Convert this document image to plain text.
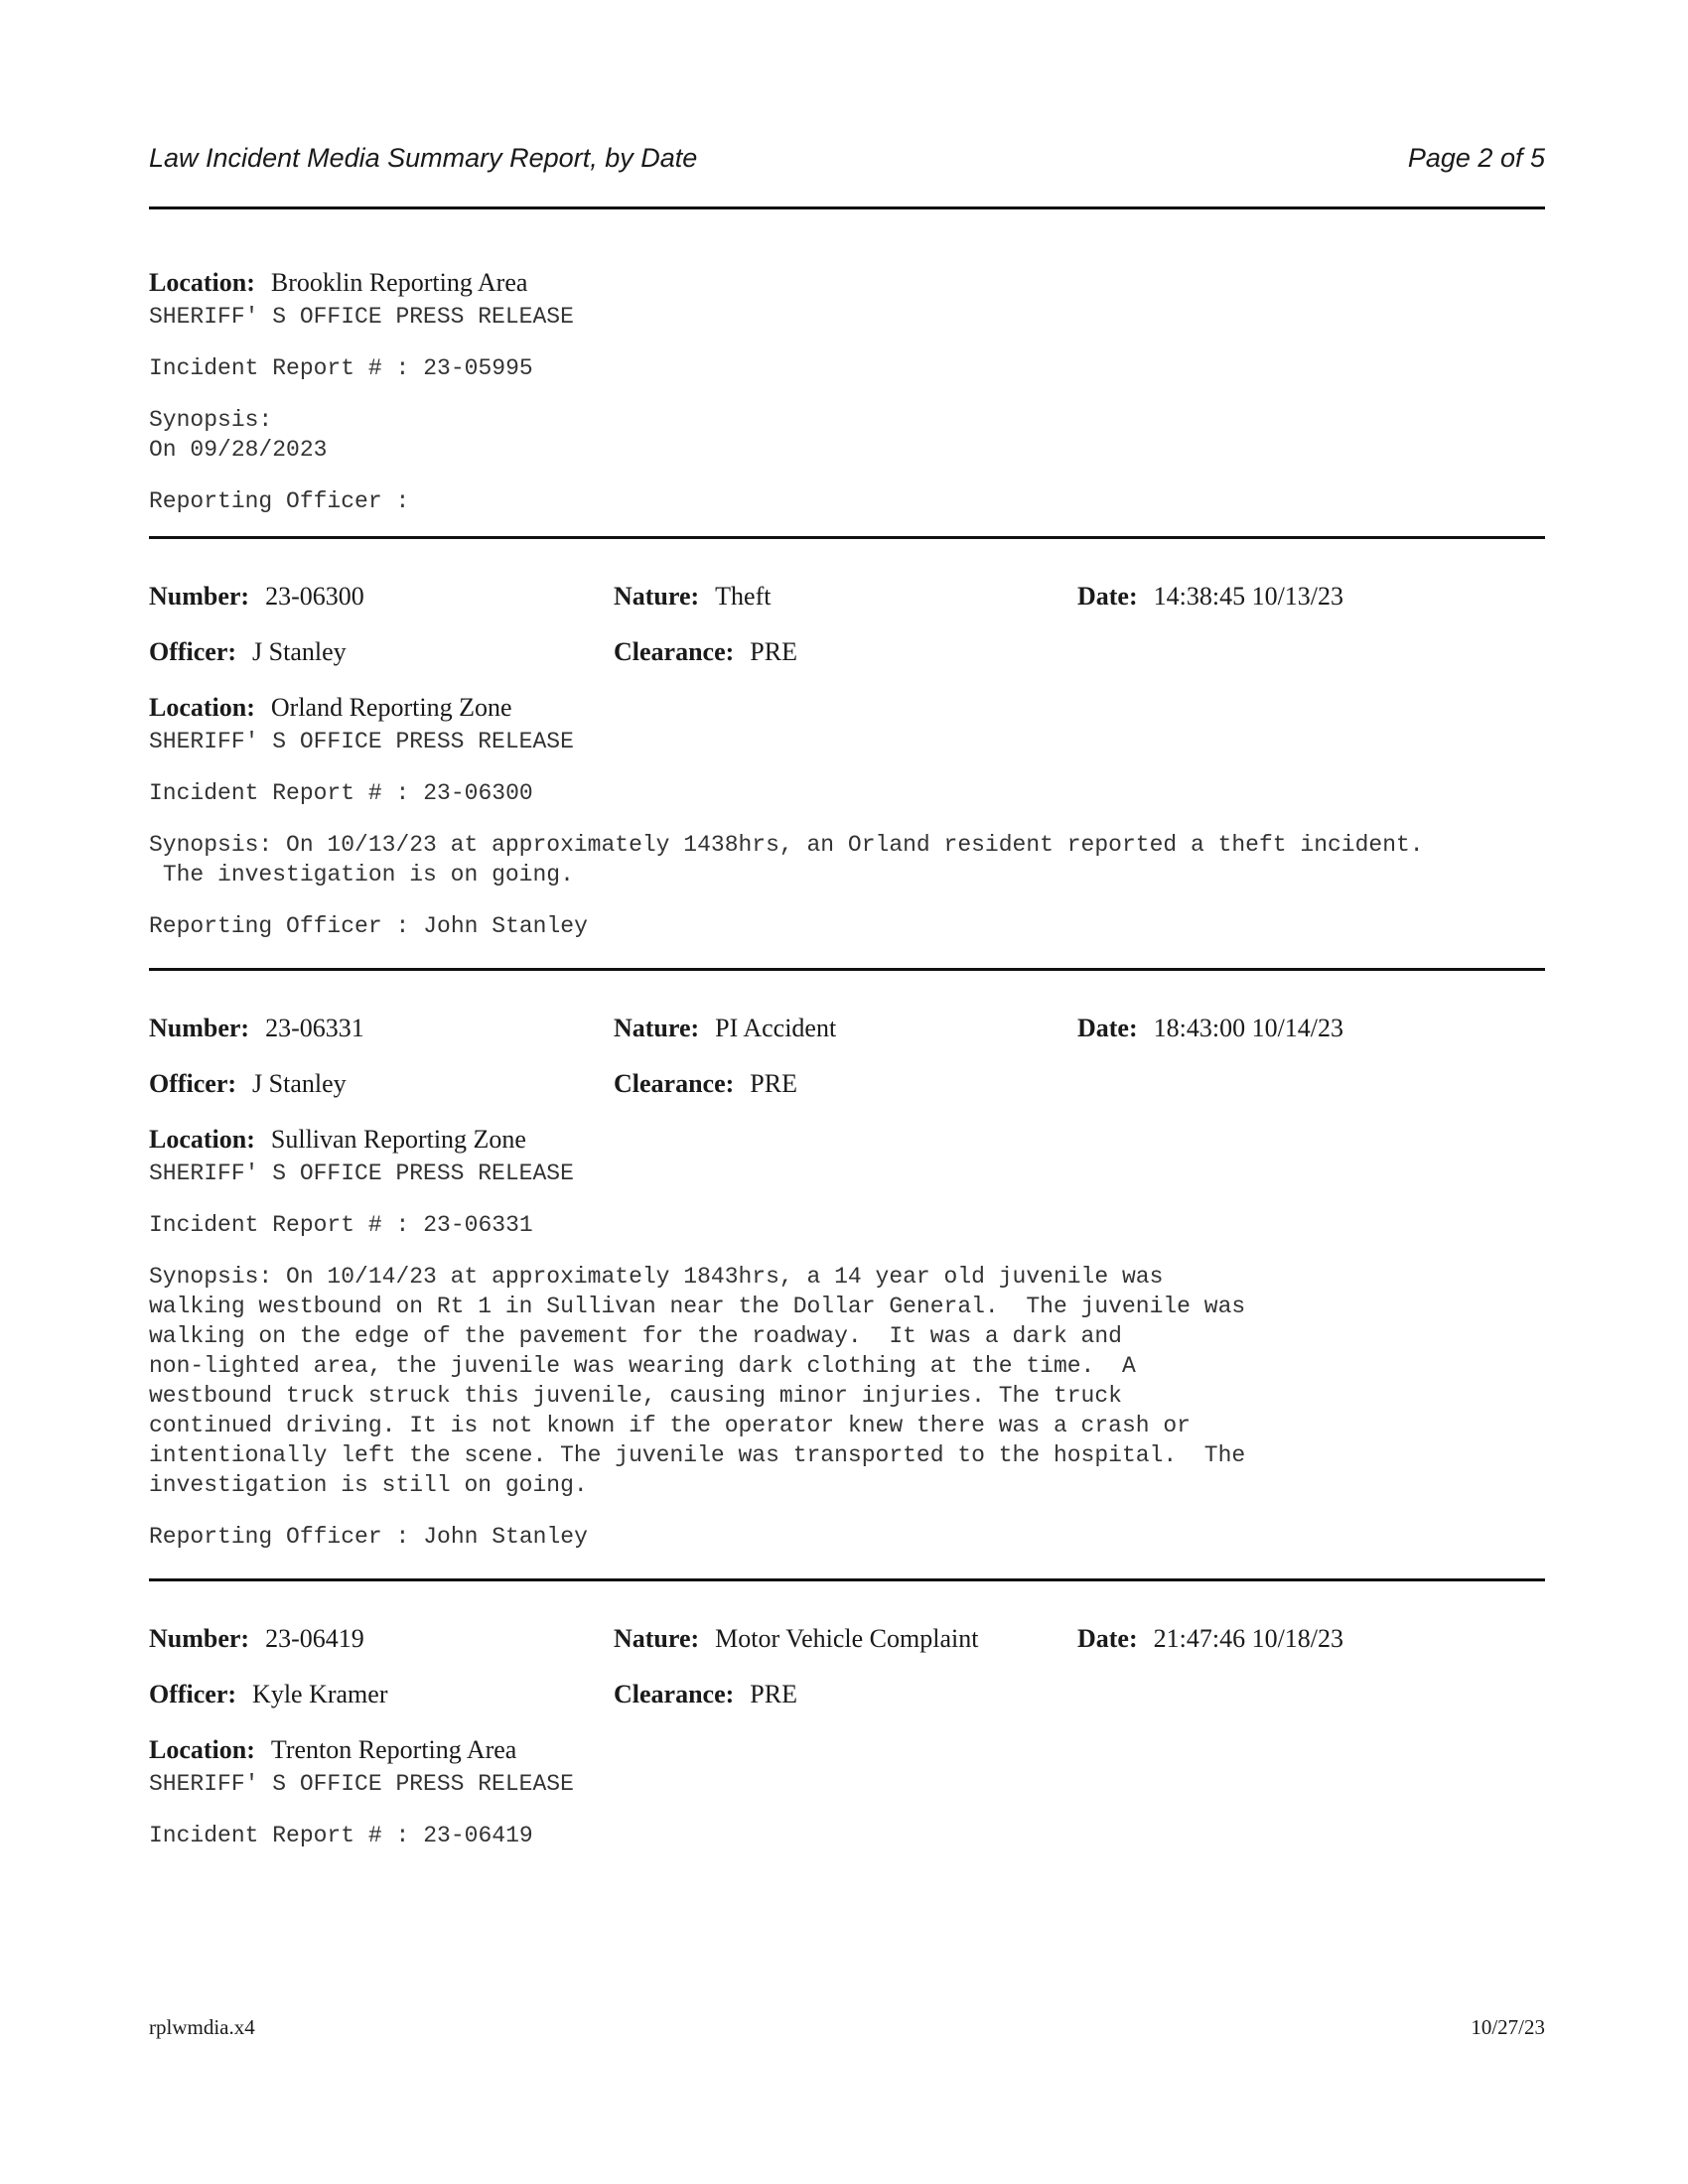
Law Incident Media Summary Report, by Date	Page 2 of 5
Location: Brooklin Reporting Area
SHERIFF' S OFFICE PRESS RELEASE
Incident Report # : 23-05995
Synopsis:
On 09/28/2023
Reporting Officer :
Number: 23-06300	Nature: Theft	Date: 14:38:45 10/13/23
Officer: J Stanley	Clearance: PRE
Location: Orland Reporting Zone
SHERIFF' S OFFICE PRESS RELEASE
Incident Report # : 23-06300
Synopsis: On 10/13/23 at approximately 1438hrs, an Orland resident reported a theft incident.
The investigation is on going.
Reporting Officer : John Stanley
Number: 23-06331	Nature: PI Accident	Date: 18:43:00 10/14/23
Officer: J Stanley	Clearance: PRE
Location: Sullivan Reporting Zone
SHERIFF' S OFFICE PRESS RELEASE
Incident Report # : 23-06331
Synopsis: On 10/14/23 at approximately 1843hrs, a 14 year old juvenile was
walking westbound on Rt 1 in Sullivan near the Dollar General.  The juvenile was
walking on the edge of the pavement for the roadway.  It was a dark and
non-lighted area, the juvenile was wearing dark clothing at the time.  A
westbound truck struck this juvenile, causing minor injuries. The truck
continued driving. It is not known if the operator knew there was a crash or
intentionally left the scene. The juvenile was transported to the hospital.  The
investigation is still on going.
Reporting Officer : John Stanley
Number: 23-06419	Nature: Motor Vehicle Complaint	Date: 21:47:46 10/18/23
Officer: Kyle Kramer	Clearance: PRE
Location: Trenton Reporting Area
SHERIFF' S OFFICE PRESS RELEASE
Incident Report # : 23-06419
rplwmdia.x4	10/27/23
